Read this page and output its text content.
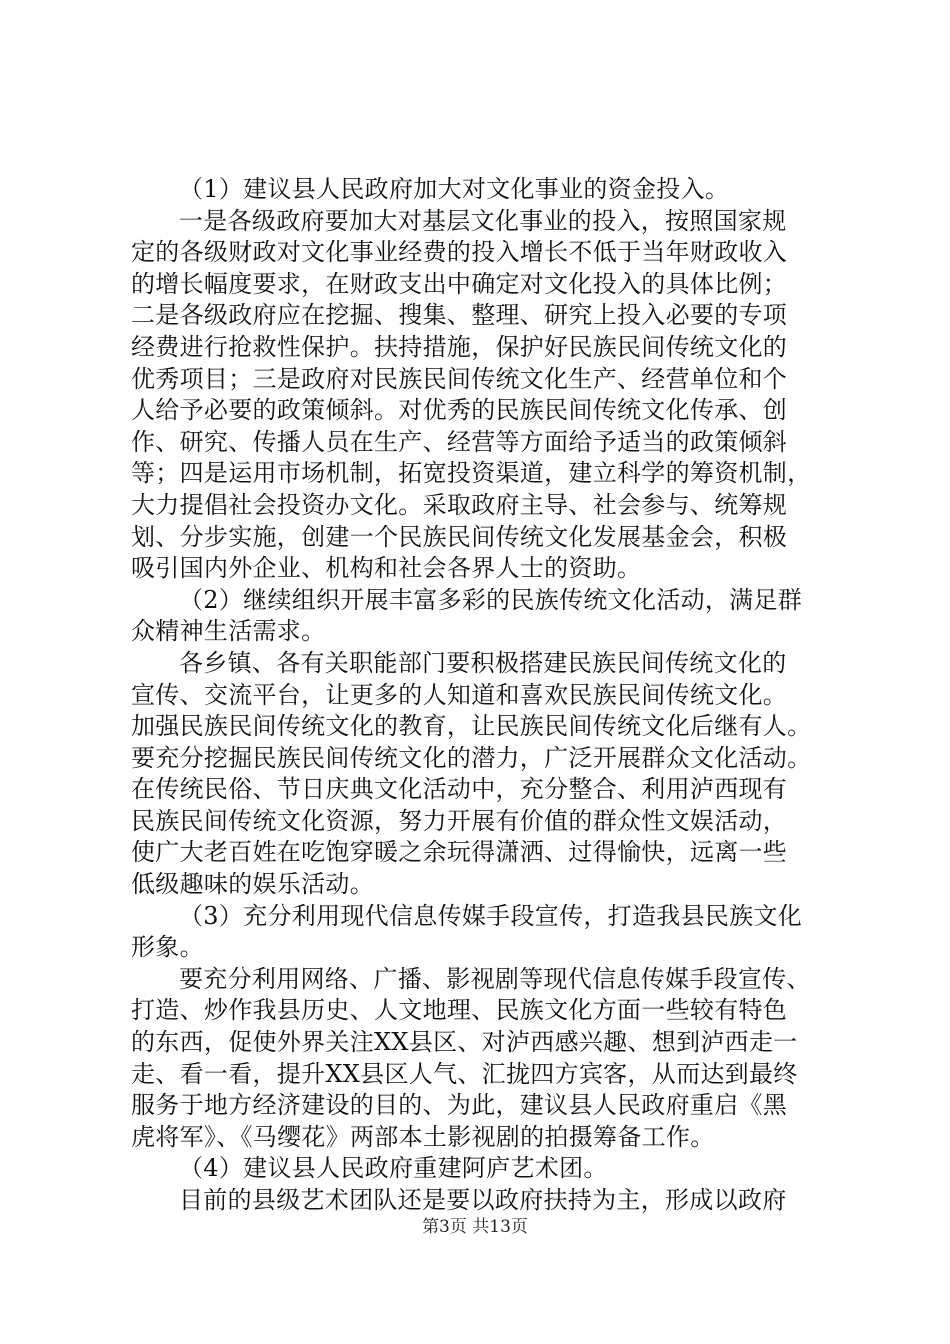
（1）建议县人民政府加大对文化事业的资金投入。
一是各级政府要加大对基层文化事业的投入，按照国家规
定的各级财政对文化事业经费的投入增长不低于当年财政收入
的增长幅度要求，在财政支出中确定对文化投入的具体比例；
二是各级政府应在挖掘、搜集、整理、研究上投入必要的专项
经费进行抢救性保护。扶持措施，保护好民族民间传统文化的
优秀项目；三是政府对民族民间传统文化生产、经营单位和个
人给予必要的政策倾斜。对优秀的民族民间传统文化传承、创
作、研究、传播人员在生产、经营等方面给予适当的政策倾斜
等；四是运用市场机制，拓宽投资渠道，建立科学的筹资机制，
大力提倡社会投资办文化。采取政府主导、社会参与、统筹规
划、分步实施，创建一个民族民间传统文化发展基金会，积极
吸引国内外企业、机构和社会各界人士的资助。
（2）继续组织开展丰富多彩的民族传统文化活动，满足群
众精神生活需求。
各乡镇、各有关职能部门要积极搭建民族民间传统文化的
宣传、交流平台，让更多的人知道和喜欢民族民间传统文化。
加强民族民间传统文化的教育，让民族民间传统文化后继有人。
要充分挖掘民族民间传统文化的潜力，广泛开展群众文化活动。
在传统民俗、节日庆典文化活动中，充分整合、利用泸西现有
民族民间传统文化资源，努力开展有价值的群众性文娱活动，
使广大老百姓在吃饱穿暖之余玩得潇洒、过得愉快，远离一些
低级趣味的娱乐活动。
（3）充分利用现代信息传媒手段宣传，打造我县民族文化
形象。
要充分利用网络、广播、影视剧等现代信息传媒手段宣传、
打造、炒作我县历史、人文地理、民族文化方面一些较有特色
的东西，促使外界关注XX县区、对泸西感兴趣、想到泸西走一
走、看一看，提升XX县区人气、汇拢四方宾客，从而达到最终
服务于地方经济建设的目的、为此，建议县人民政府重启《黑
虎将军》、《马缨花》两部本土影视剧的拍摄筹备工作。
（4）建议县人民政府重建阿庐艺术团。
目前的县级艺术团队还是要以政府扶持为主，形成以政府
第3页 共13页
